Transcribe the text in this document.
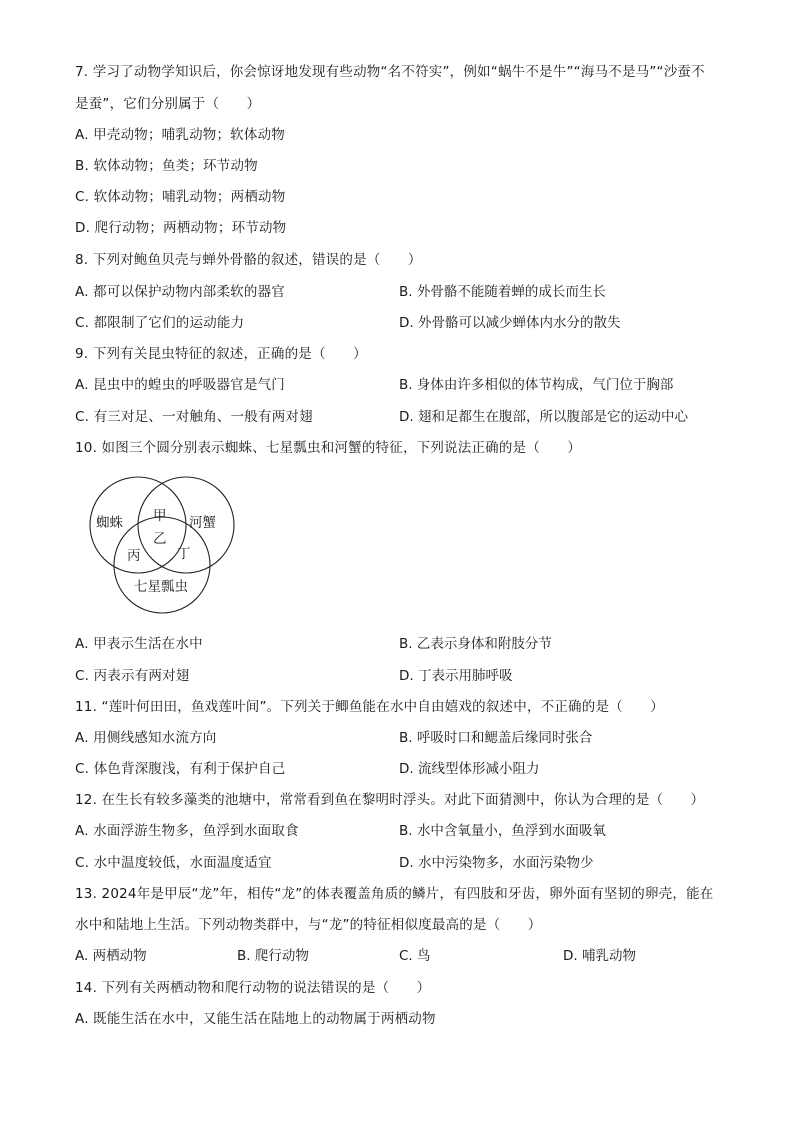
7. 学习了动物学知识后，你会惊讶地发现有些动物“名不符实”，例如“蜗牛不是牛”“海马不是马”“沙蚕不
是蚕”，它们分别属于（　　）
A. 甲壳动物；哺乳动物；软体动物
B. 软体动物；鱼类；环节动物
C. 软体动物；哺乳动物；两栖动物
D. 爬行动物；两栖动物；环节动物
8. 下列对鲍鱼贝壳与蝉外骨骼的叙述，错误的是（　　）
A. 都可以保护动物内部柔软的器官	B. 外骨骼不能随着蝉的成长而生长
C. 都限制了它们的运动能力	D. 外骨骼可以减少蝉体内水分的散失
9. 下列有关昆虫特征的叙述，正确的是（　　）
A. 昆虫中的蝗虫的呼吸器官是气门	B. 身体由许多相似的体节构成，气门位于胸部
C. 有三对足、一对触角、一般有两对翅	D. 翅和足都生在腹部，所以腹部是它的运动中心
10. 如图三个圆分别表示蜘蛛、七星瓢虫和河蟹的特征，下列说法正确的是（　　）
蜘蛛	河蟹
七星瓢虫
甲
乙
丙	丁
A. 甲表示生活在水中	B. 乙表示身体和附肢分节
C. 丙表示有两对翅	D. 丁表示用肺呼吸
11. “莲叶何田田，鱼戏莲叶间”。下列关于鲫鱼能在水中自由嬉戏的叙述中，不正确的是（　　）
A. 用侧线感知水流方向	B. 呼吸时口和鳃盖后缘同时张合
C. 体色背深腹浅，有利于保护自己	D. 流线型体形减小阻力
12. 在生长有较多藻类的池塘中，常常看到鱼在黎明时浮头。对此下面猜测中，你认为合理的是（　　）
A. 水面浮游生物多，鱼浮到水面取食	B. 水中含氧量小，鱼浮到水面吸氧
C. 水中温度较低，水面温度适宜	D. 水中污染物多，水面污染物少
13. 2024年是甲辰“龙”年，相传“龙”的体表覆盖角质的鳞片，有四肢和牙齿，卵外面有坚韧的卵壳，能在
水中和陆地上生活。下列动物类群中，与“龙”的特征相似度最高的是（　　）
A. 两栖动物	B. 爬行动物	C. 鸟	D. 哺乳动物
14. 下列有关两栖动物和爬行动物的说法错误的是（　　）
A. 既能生活在水中，又能生活在陆地上的动物属于两栖动物
